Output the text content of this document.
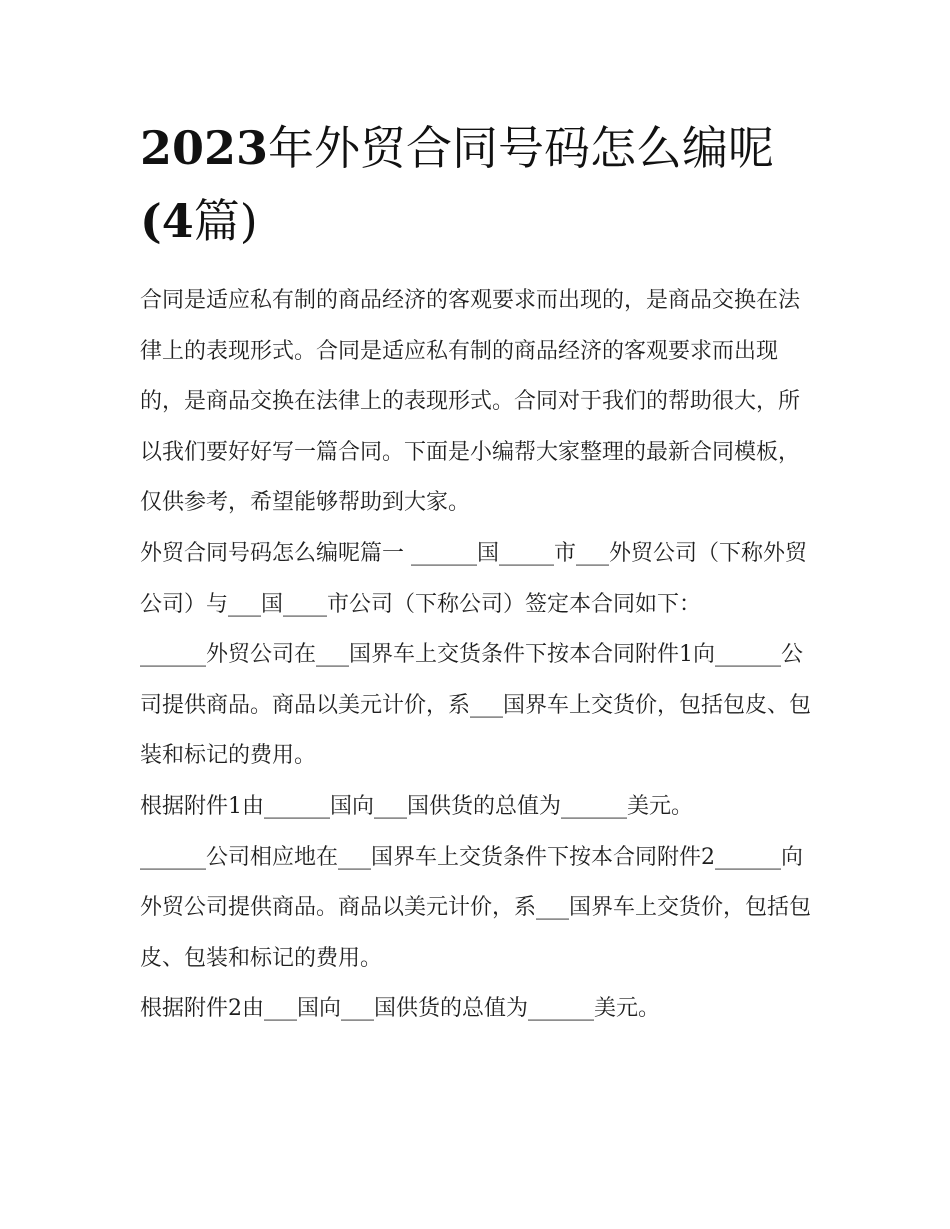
2023年外贸合同号码怎么编呢
(4篇)

合同是适应私有制的商品经济的客观要求而出现的，是商品交换在法律上的表现形式。合同是适应私有制的商品经济的客观要求而出现的，是商品交换在法律上的表现形式。合同对于我们的帮助很大，所以我们要好好写一篇合同。下面是小编帮大家整理的最新合同模板，仅供参考，希望能够帮助到大家。

外贸合同号码怎么编呢篇一 ______国_____市___外贸公司（下称外贸公司）与___国____市公司（下称公司）签定本合同如下：

______外贸公司在___国界车上交货条件下按本合同附件1向______公司提供商品。商品以美元计价，系___国界车上交货价，包括包皮、包装和标记的费用。

根据附件1由______国向___国供货的总值为______美元。

______公司相应地在___国界车上交货条件下按本合同附件2______向外贸公司提供商品。商品以美元计价，系___国界车上交货价，包括包皮、包装和标记的费用。

根据附件2由___国向___国供货的总值为______美元。
